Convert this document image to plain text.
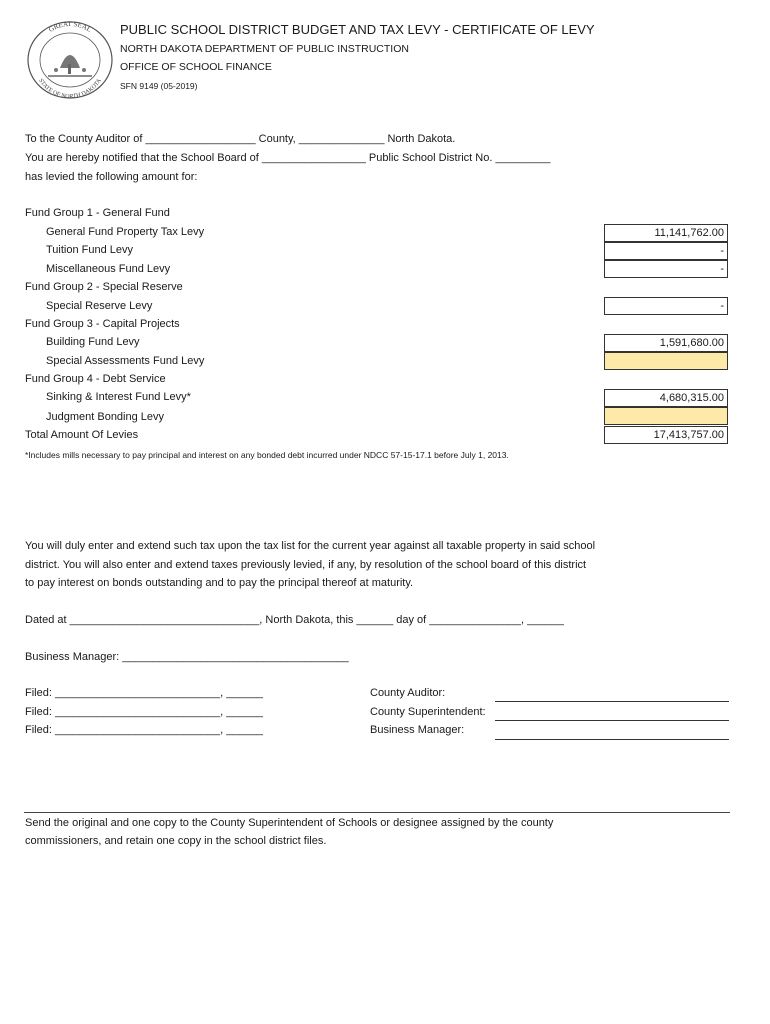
GREAT SEAL
STATE OF NORTH DAKOTA
PUBLIC SCHOOL DISTRICT BUDGET AND TAX LEVY - CERTIFICATE OF LEVY
NORTH DAKOTA DEPARTMENT OF PUBLIC INSTRUCTION
OFFICE OF SCHOOL FINANCE
SFN 9149 (05-2019)
To the County Auditor of __________________ County, ______________ North Dakota.
You are hereby notified that the School Board of _________________ Public School District No. _________
has levied the following amount for:
Fund Group 1 - General Fund
General Fund Property Tax Levy	11,141,762.00
Tuition Fund Levy	-
Miscellaneous Fund Levy	-
Fund Group 2 - Special Reserve
Special Reserve Levy	-
Fund Group 3 - Capital Projects
Building Fund Levy	1,591,680.00
Special Assessments Fund Levy
Fund Group 4 - Debt Service
Sinking & Interest Fund Levy*	4,680,315.00
Judgment Bonding Levy
Total Amount Of Levies	17,413,757.00
*Includes mills necessary to pay principal and interest on any bonded debt incurred under NDCC 57-15-17.1 before July 1, 2013.
You will duly enter and extend such tax upon the tax list for the current year against all taxable property in said school
district. You will also enter and extend taxes previously levied, if any, by resolution of the school board of this district
to pay interest on bonds outstanding and to pay the principal thereof at maturity.
Dated at _______________________________, North Dakota, this ______ day of _______________, ______
Business Manager: _____________________________________
Filed: ___________________________, ______
Filed: ___________________________, ______
Filed: ___________________________, ______
County Auditor:
County Superintendent:
Business Manager:
Send the original and one copy to the County Superintendent of Schools or designee assigned by the county
commissioners, and retain one copy in the school district files.
